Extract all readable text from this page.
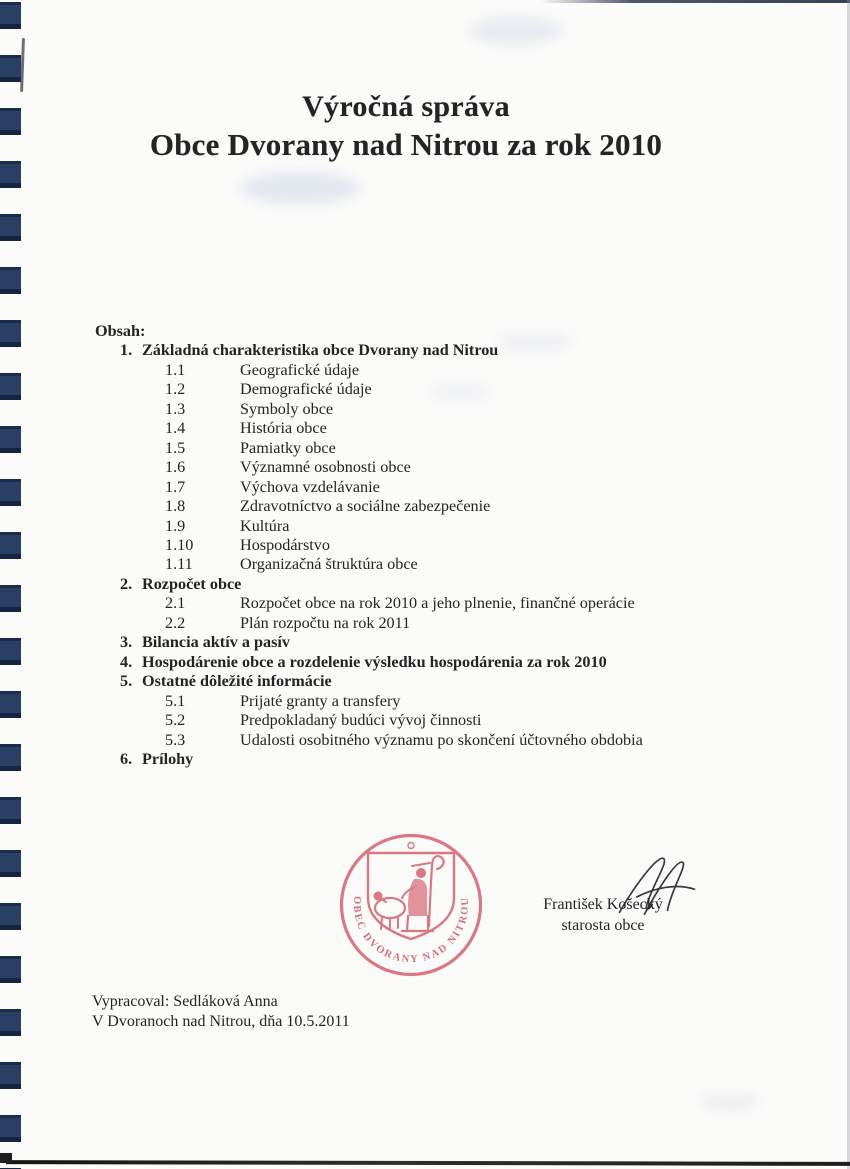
Výročná správa
Obce Dvorany nad Nitrou za rok 2010
Obsah:
1. Základná charakteristika obce Dvorany nad Nitrou
1.1	Geografické údaje
1.2	Demografické údaje
1.3	Symboly obce
1.4	História obce
1.5	Pamiatky obce
1.6	Významné osobnosti obce
1.7	Výchova vzdelávanie
1.8	Zdravotníctvo a sociálne zabezpečenie
1.9	Kultúra
1.10	Hospodárstvo
1.11	Organizačná štruktúra obce
2. Rozpočet obce
2.1	Rozpočet obce na rok 2010 a jeho plnenie, finančné operácie
2.2	Plán rozpočtu na rok 2011
3. Bilancia aktív a pasív
4. Hospodárenie obce a rozdelenie výsledku hospodárenia za rok 2010
5. Ostatné dôležité informácie
5.1	Prijaté granty a transfery
5.2	Predpokladaný budúci vývoj činnosti
5.3	Udalosti osobitného významu po skončení účtovného obdobia
6. Prílohy
OBEC DVORANY NAD NITROU	František Košecký
starosta obce
Vypracoval: Sedláková Anna
V Dvoranoch nad Nitrou, dňa 10.5.2011
